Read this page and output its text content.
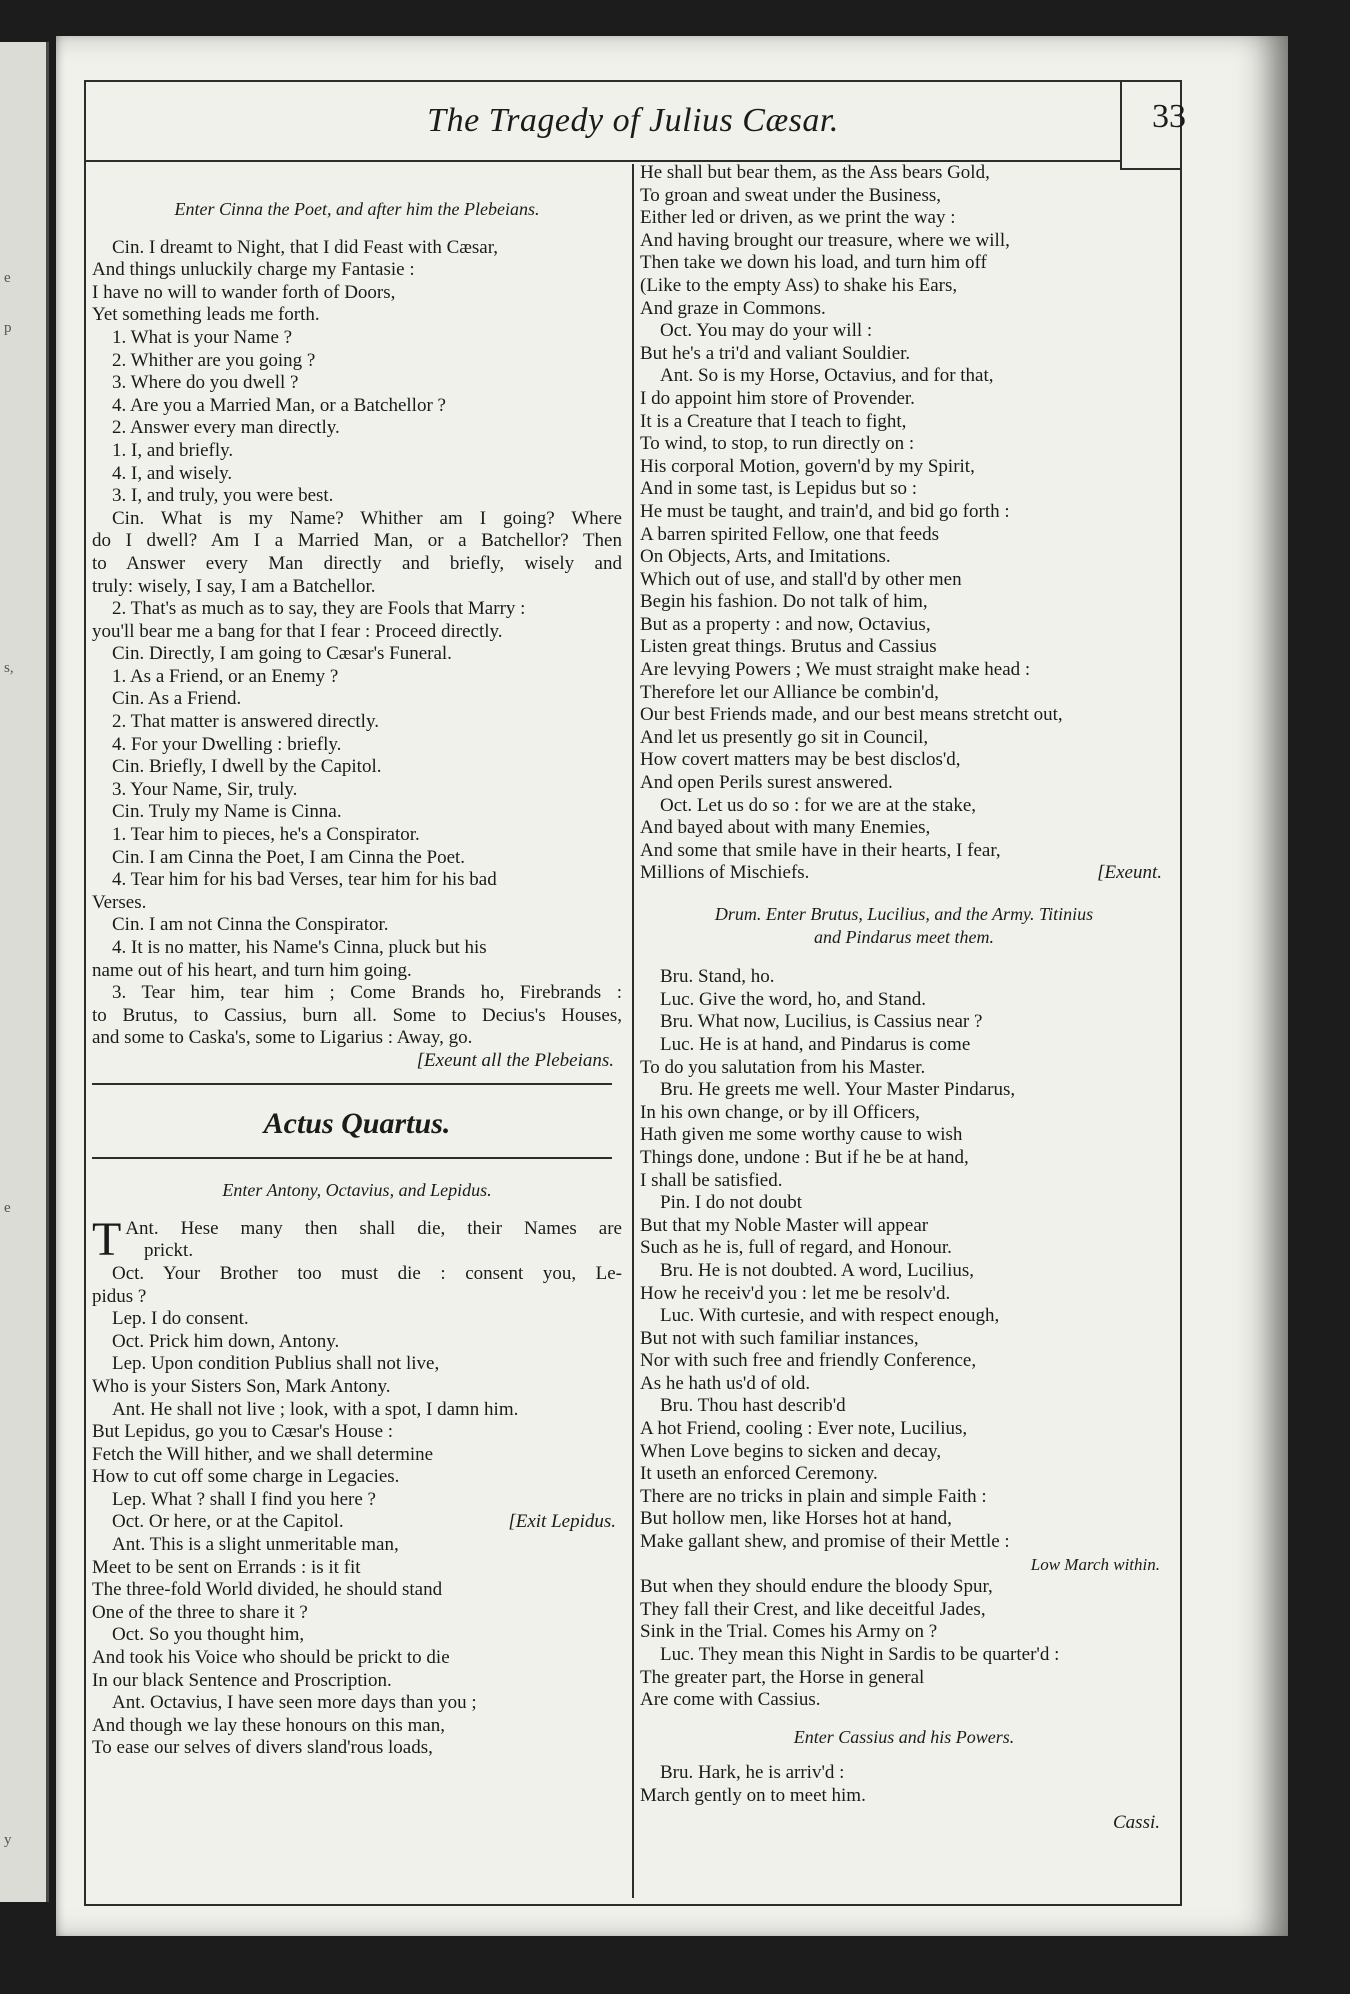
e
p
s,
e
y
The Tragedy of Julius Cæsar.	33
Enter Cinna the Poet, and after him the Plebeians.
Cin. I dreamt to Night, that I did Feast with Cæsar,
And things unluckily charge my Fantasie :
I have no will to wander forth of Doors,
Yet something leads me forth.
1. What is your Name ?
2. Whither are you going ?
3. Where do you dwell ?
4. Are you a Married Man, or a Batchellor ?
2. Answer every man directly.
1. I, and briefly.
4. I, and wisely.
3. I, and truly, you were best.
Cin. What is my Name? Whither am I going? Where
do I dwell? Am I a Married Man, or a Batchellor? Then
to Answer every Man directly and briefly, wisely and
truly: wisely, I say, I am a Batchellor.
2. That's as much as to say, they are Fools that Marry :
you'll bear me a bang for that I fear : Proceed directly.
Cin. Directly, I am going to Cæsar's Funeral.
1. As a Friend, or an Enemy ?
Cin. As a Friend.
2. That matter is answered directly.
4. For your Dwelling : briefly.
Cin. Briefly, I dwell by the Capitol.
3. Your Name, Sir, truly.
Cin. Truly my Name is Cinna.
1. Tear him to pieces, he's a Conspirator.
Cin. I am Cinna the Poet, I am Cinna the Poet.
4. Tear him for his bad Verses, tear him for his bad
Verses.
Cin. I am not Cinna the Conspirator.
4. It is no matter, his Name's Cinna, pluck but his
name out of his heart, and turn him going.
3. Tear him, tear him ; Come Brands ho, Firebrands :
to Brutus, to Cassius, burn all. Some to Decius's Houses,
and some to Caska's, some to Ligarius : Away, go.
[Exeunt all the Plebeians.
Actus Quartus.
Enter Antony, Octavius, and Lepidus.
T Ant. Hese many then shall die, their Names are
prickt.
Oct. Your Brother too must die : consent you, Le-
pidus ?
Lep. I do consent.
Oct. Prick him down, Antony.
Lep. Upon condition Publius shall not live,
Who is your Sisters Son, Mark Antony.
Ant. He shall not live ; look, with a spot, I damn him.
But Lepidus, go you to Cæsar's House :
Fetch the Will hither, and we shall determine
How to cut off some charge in Legacies.
Lep. What ? shall I find you here ?
Oct. Or here, or at the Capitol.	[Exit Lepidus.
Ant. This is a slight unmeritable man,
Meet to be sent on Errands : is it fit
The three-fold World divided, he should stand
One of the three to share it ?
Oct. So you thought him,
And took his Voice who should be prickt to die
In our black Sentence and Proscription.
Ant. Octavius, I have seen more days than you ;
And though we lay these honours on this man,
To ease our selves of divers sland'rous loads,
He shall but bear them, as the Ass bears Gold,
To groan and sweat under the Business,
Either led or driven, as we print the way :
And having brought our treasure, where we will,
Then take we down his load, and turn him off
(Like to the empty Ass) to shake his Ears,
And graze in Commons.
Oct. You may do your will :
But he's a tri'd and valiant Souldier.
Ant. So is my Horse, Octavius, and for that,
I do appoint him store of Provender.
It is a Creature that I teach to fight,
To wind, to stop, to run directly on :
His corporal Motion, govern'd by my Spirit,
And in some tast, is Lepidus but so :
He must be taught, and train'd, and bid go forth :
A barren spirited Fellow, one that feeds
On Objects, Arts, and Imitations.
Which out of use, and stall'd by other men
Begin his fashion. Do not talk of him,
But as a property : and now, Octavius,
Listen great things. Brutus and Cassius
Are levying Powers ; We must straight make head :
Therefore let our Alliance be combin'd,
Our best Friends made, and our best means stretcht out,
And let us presently go sit in Council,
How covert matters may be best disclos'd,
And open Perils surest answered.
Oct. Let us do so : for we are at the stake,
And bayed about with many Enemies,
And some that smile have in their hearts, I fear,
Millions of Mischiefs.	[Exeunt.
Drum. Enter Brutus, Lucilius, and the Army. Titinius
and Pindarus meet them.
Bru. Stand, ho.
Luc. Give the word, ho, and Stand.
Bru. What now, Lucilius, is Cassius near ?
Luc. He is at hand, and Pindarus is come
To do you salutation from his Master.
Bru. He greets me well. Your Master Pindarus,
In his own change, or by ill Officers,
Hath given me some worthy cause to wish
Things done, undone : But if he be at hand,
I shall be satisfied.
Pin. I do not doubt
But that my Noble Master will appear
Such as he is, full of regard, and Honour.
Bru. He is not doubted. A word, Lucilius,
How he receiv'd you : let me be resolv'd.
Luc. With curtesie, and with respect enough,
But not with such familiar instances,
Nor with such free and friendly Conference,
As he hath us'd of old.
Bru. Thou hast describ'd
A hot Friend, cooling : Ever note, Lucilius,
When Love begins to sicken and decay,
It useth an enforced Ceremony.
There are no tricks in plain and simple Faith :
But hollow men, like Horses hot at hand,
Make gallant shew, and promise of their Mettle :
Low March within.
But when they should endure the bloody Spur,
They fall their Crest, and like deceitful Jades,
Sink in the Trial. Comes his Army on ?
Luc. They mean this Night in Sardis to be quarter'd :
The greater part, the Horse in general
Are come with Cassius.
Enter Cassius and his Powers.
Bru. Hark, he is arriv'd :
March gently on to meet him.
Cassi.
